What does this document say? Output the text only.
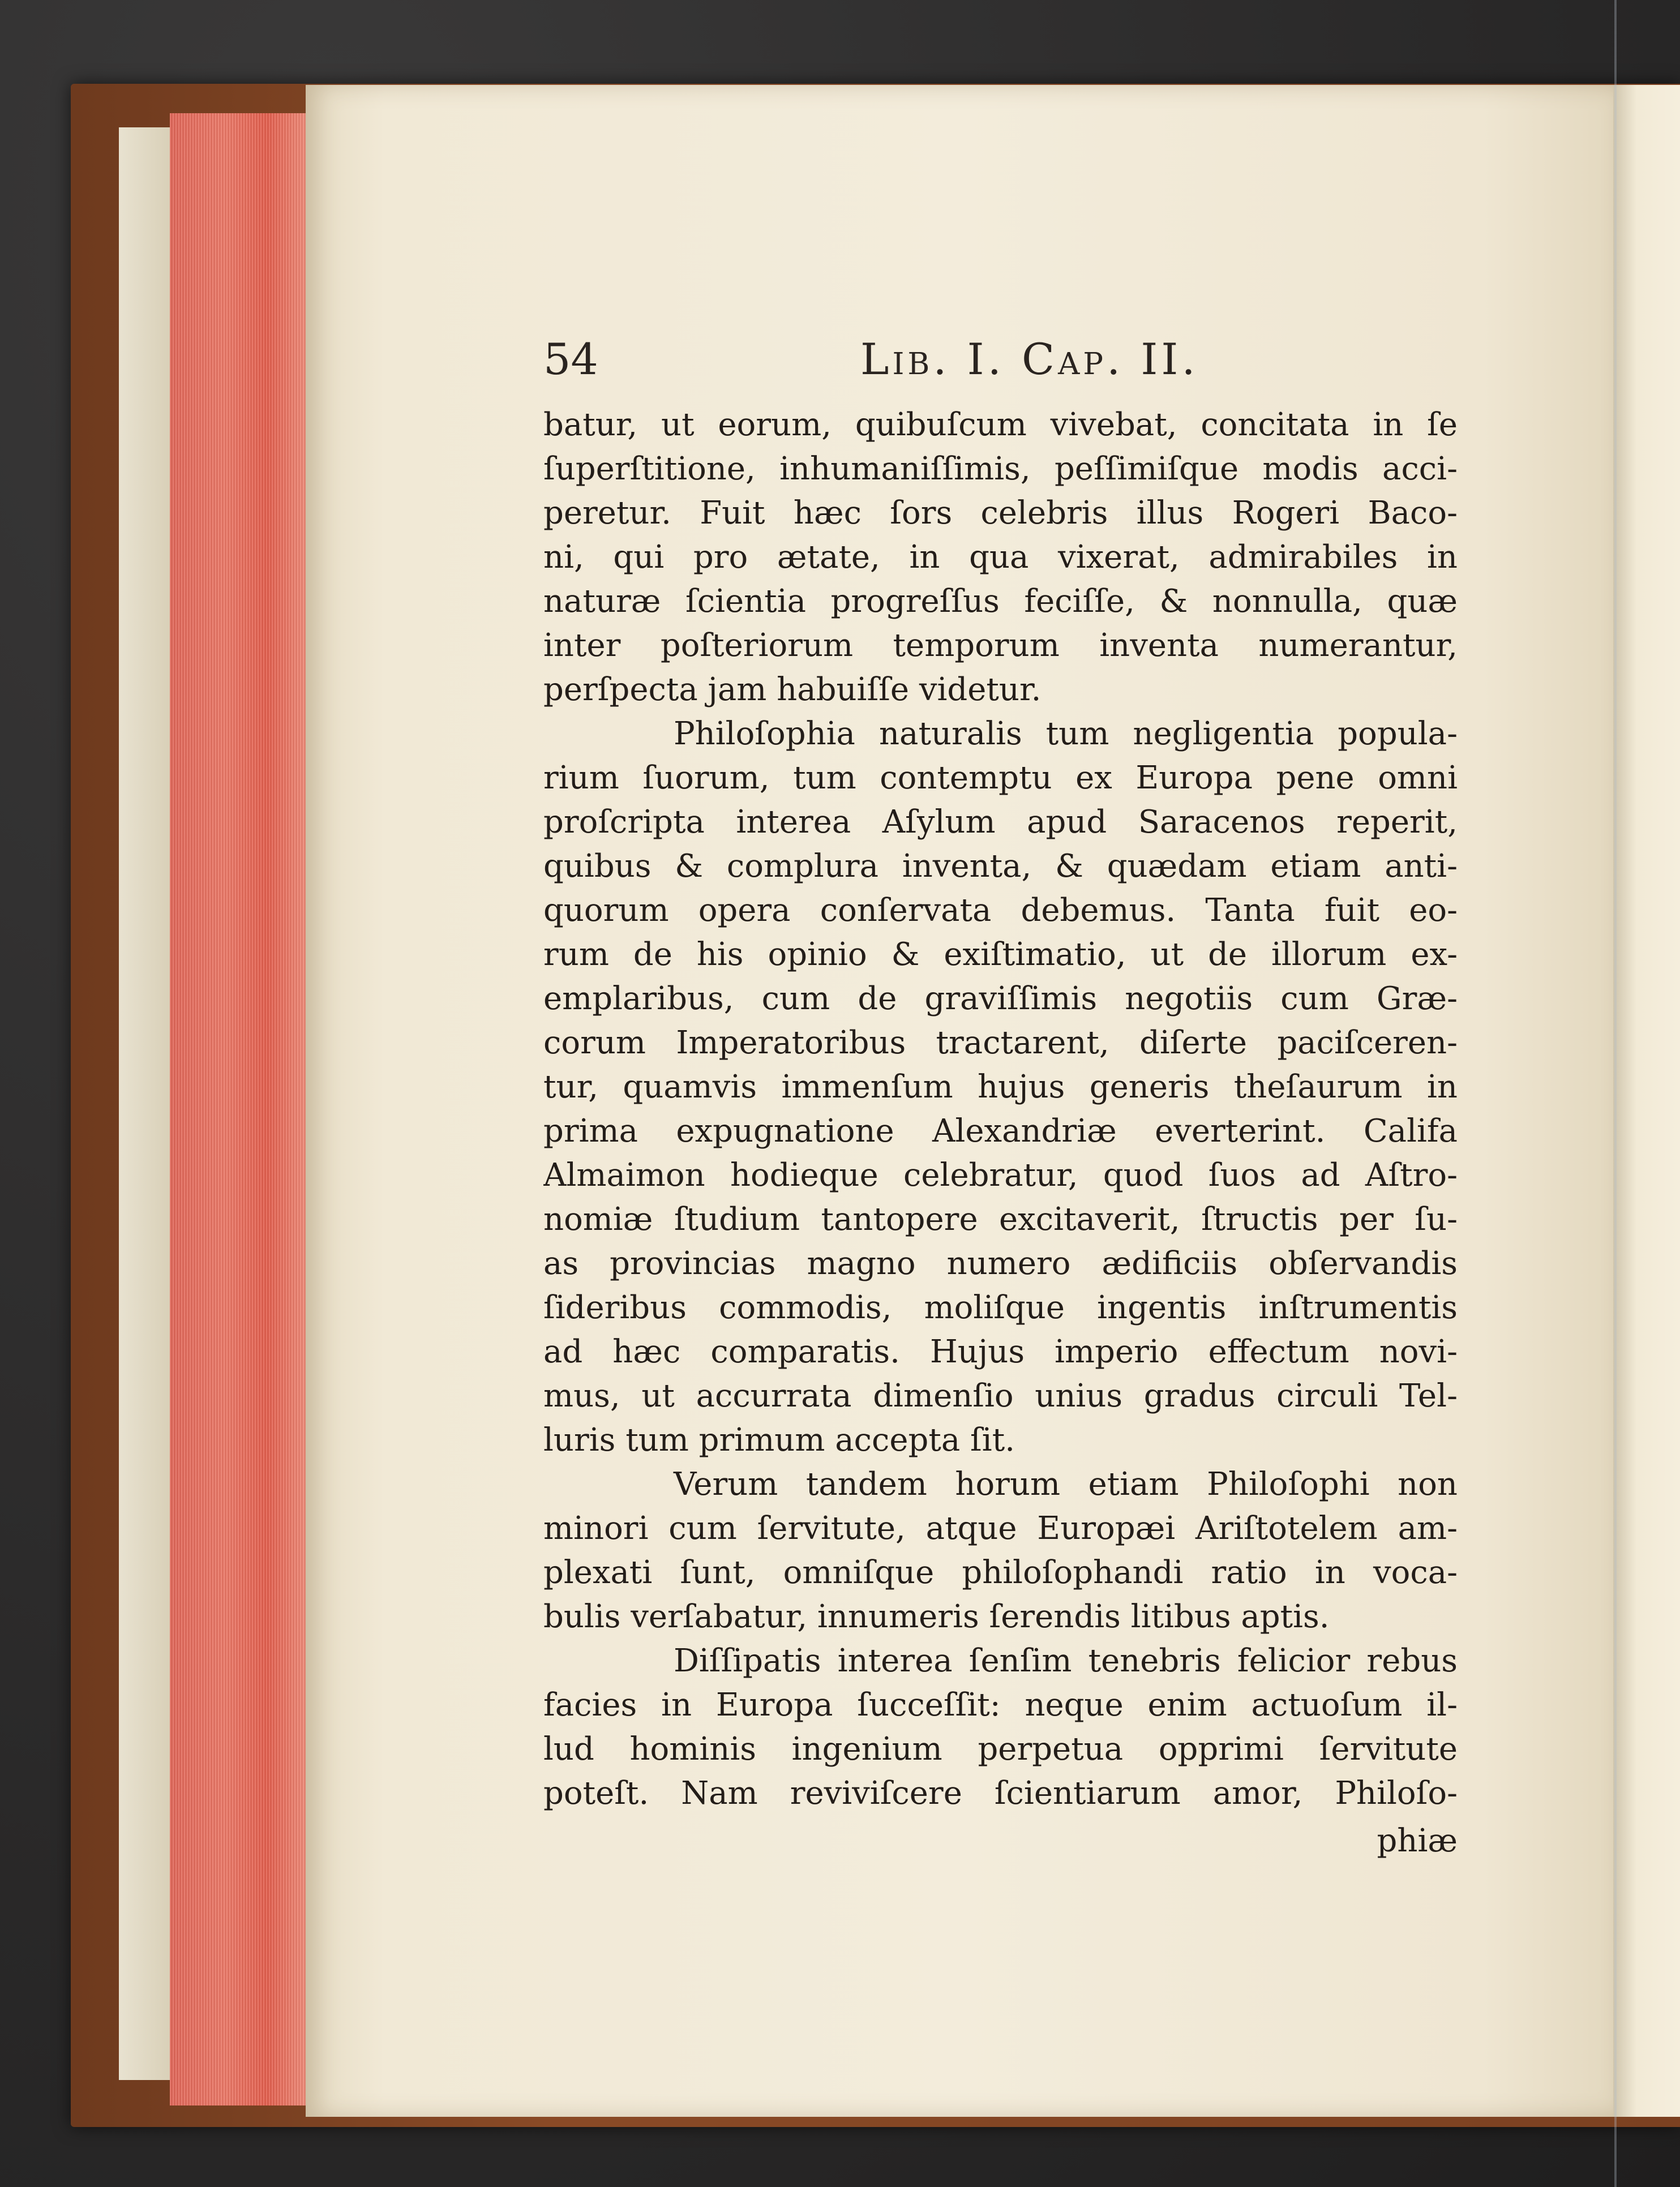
54	Lib. I. Cap. II.
batur, ut eorum, quibuſcum vivebat, concitata in ſe
ſuperſtitione, inhumaniſſimis, peſſimiſque modis acci-
peretur. Fuit hæc ſors celebris illus Rogeri Baco-
ni, qui pro ætate, in qua vixerat, admirabiles in
naturæ ſcientia progreſſus feciſſe, & nonnulla, quæ
inter poſteriorum temporum inventa numerantur,
perſpecta jam habuiſſe videtur.
Philoſophia naturalis tum negligentia popula-
rium ſuorum, tum contemptu ex Europa pene omni
proſcripta interea Aſylum apud Saracenos reperit,
quibus & complura inventa, & quædam etiam anti-
quorum opera conſervata debemus. Tanta fuit eo-
rum de his opinio & exiſtimatio, ut de illorum ex-
emplaribus, cum de graviſſimis negotiis cum Græ-
corum Imperatoribus tractarent, diſerte paciſceren-
tur, quamvis immenſum hujus generis theſaurum in
prima expugnatione Alexandriæ everterint. Califa
Almaimon hodieque celebratur, quod ſuos ad Aſtro-
nomiæ ſtudium tantopere excitaverit, ſtructis per ſu-
as provincias magno numero ædificiis obſervandis
ſideribus commodis, moliſque ingentis inſtrumentis
ad hæc comparatis. Hujus imperio effectum novi-
mus, ut accurrata dimenſio unius gradus circuli Tel-
luris tum primum accepta ſit.
Verum tandem horum etiam Philoſophi non
minori cum ſervitute, atque Europæi Ariſtotelem am-
plexati ſunt, omniſque philoſophandi ratio in voca-
bulis verſabatur, innumeris ſerendis litibus aptis.
Diſſipatis interea ſenſim tenebris felicior rebus
facies in Europa ſucceſſit: neque enim actuoſum il-
lud hominis ingenium perpetua opprimi ſervitute
poteſt. Nam reviviſcere ſcientiarum amor, Philoſo-
phiæ
